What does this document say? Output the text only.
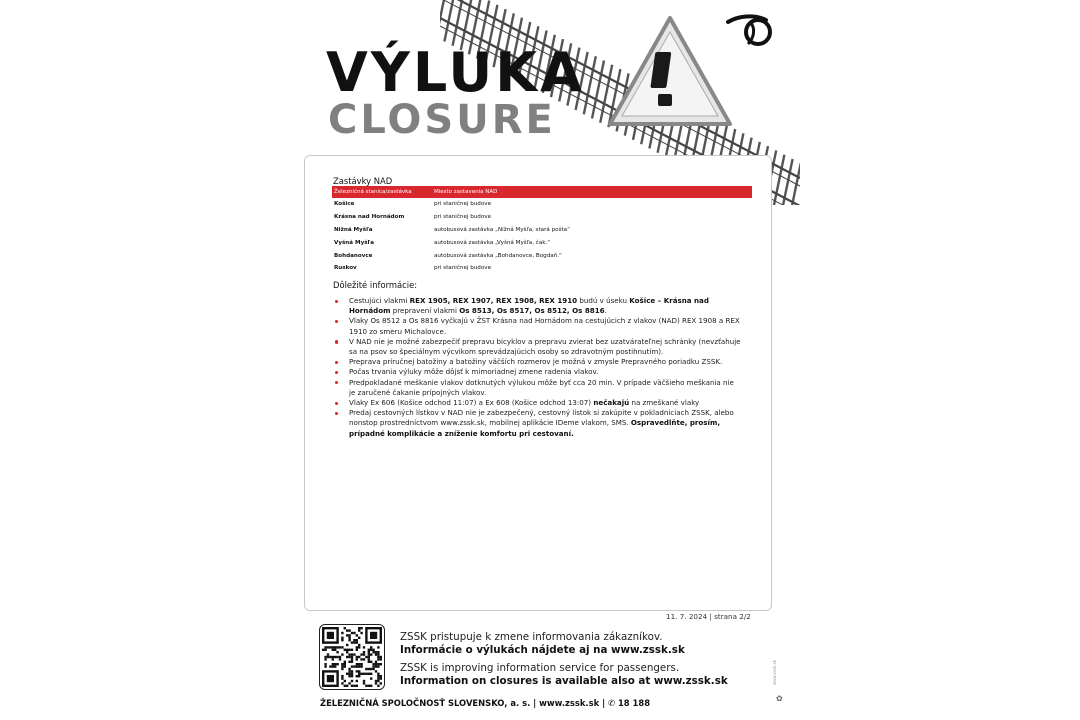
VÝLUKA
CLOSURE
Zastávky NAD
Železničná stanica/zastávka	Miesto zastavenia NAD
Košice	pri staničnej budove
Krásna nad Hornádom	pri staničnej budove
Nižná Myšľa	autobusová zastávka „Nižná Myšľa, stará pošta“
Vyšná Myšľa	autobusová zastávka „Vyšná Myšľa, čak.“
Bohdanovce	autobusová zastávka „Bohdanovce, Bogdaň.“
Ruskov	pri staničnej budove
Dôležité informácie:
Cestujúci vlakmi REX 1905, REX 1907, REX 1908, REX 1910 budú v úseku Košice – Krásna nad Hornádom prepravení vlakmi Os 8513, Os 8517, Os 8512, Os 8816.
Vlaky Os 8512 a Os 8816 vyčkajú v ŽST Krásna nad Hornádom na cestujúcich z vlakov (NAD) REX 1908 a REX 1910 zo smeru Michalovce.
V NAD nie je možné zabezpečiť prepravu bicyklov a prepravu zvierat bez uzatvárateľnej schránky (nevzťahuje sa na psov so špeciálnym výcvikom sprevádzajúcich osoby so zdravotným postihnutím).
Preprava príručnej batožiny a batožiny väčších rozmerov je možná v zmysle Prepravného poriadku ZSSK.
Počas trvania výluky môže dôjsť k mimoriadnej zmene radenia vlakov.
Predpokladané meškanie vlakov dotknutých výlukou môže byť cca 20 min. V prípade väčšieho meškania nie je zaručené čakanie prípojných vlakov.
Vlaky Ex 606 (Košice odchod 11:07) a Ex 608 (Košice odchod 13:07) nečakajú na zmeškané vlaky
Predaj cestovných lístkov v NAD nie je zabezpečený, cestovný lístok si zakúpite v pokladniciach ZSSK, alebo nonstop prostredníctvom www.zssk.sk, mobilnej aplikácie IDeme vlakom, SMS. Ospravedlňte, prosím, prípadné komplikácie a zníženie komfortu pri cestovaní.
11. 7. 2024 | strana 2/2
ZSSK pristupuje k zmene informovania zákazníkov.
Informácie o výlukách nájdete aj na www.zssk.sk
ZSSK is improving information service for passengers.
Information on closures is available also at www.zssk.sk
ŽELEZNIČNÁ SPOLOČNOSŤ SLOVENSKO, a. s. | www.zssk.sk | ✆ 18 188
www.zssk.sk
✿
